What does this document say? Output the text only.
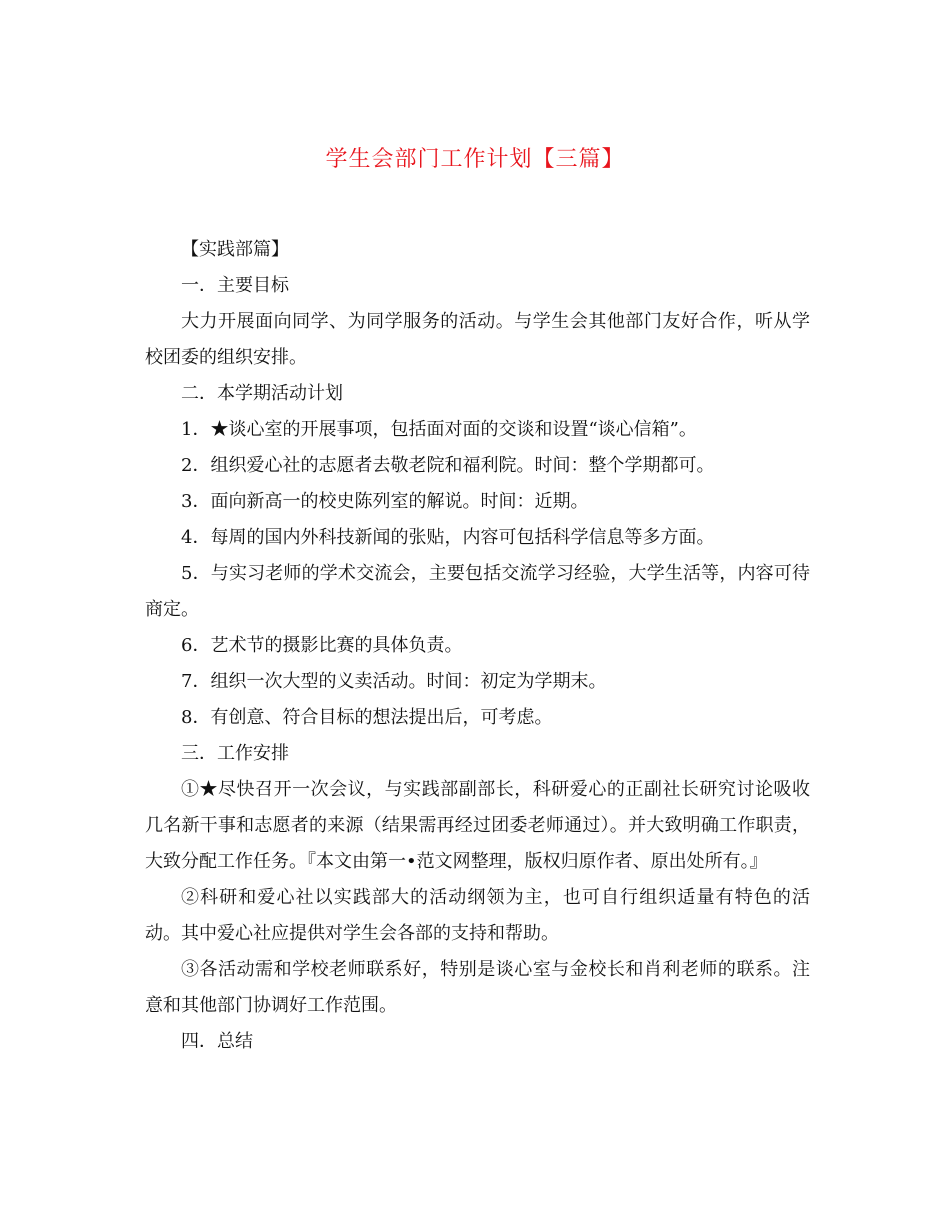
学生会部门工作计划【三篇】

【实践部篇】

一．主要目标

大力开展面向同学、为同学服务的活动。与学生会其他部门友好合作，听从学校团委的组织安排。

二．本学期活动计划

1．★谈心室的开展事项，包括面对面的交谈和设置“谈心信箱”。

2．组织爱心社的志愿者去敬老院和福利院。时间：整个学期都可。

3．面向新高一的校史陈列室的解说。时间：近期。

4．每周的国内外科技新闻的张贴，内容可包括科学信息等多方面。

5．与实习老师的学术交流会，主要包括交流学习经验，大学生活等，内容可待商定。

6．艺术节的摄影比赛的具体负责。

7．组织一次大型的义卖活动。时间：初定为学期末。

8．有创意、符合目标的想法提出后，可考虑。

三．工作安排

①★尽快召开一次会议，与实践部副部长，科研爱心的正副社长研究讨论吸收几名新干事和志愿者的来源（结果需再经过团委老师通过）。并大致明确工作职责，大致分配工作任务。『本文由第一•范文网整理，版权归原作者、原出处所有。』

②科研和爱心社以实践部大的活动纲领为主，也可自行组织适量有特色的活动。其中爱心社应提供对学生会各部的支持和帮助。

③各活动需和学校老师联系好，特别是谈心室与金校长和肖利老师的联系。注意和其他部门协调好工作范围。

四．总结
